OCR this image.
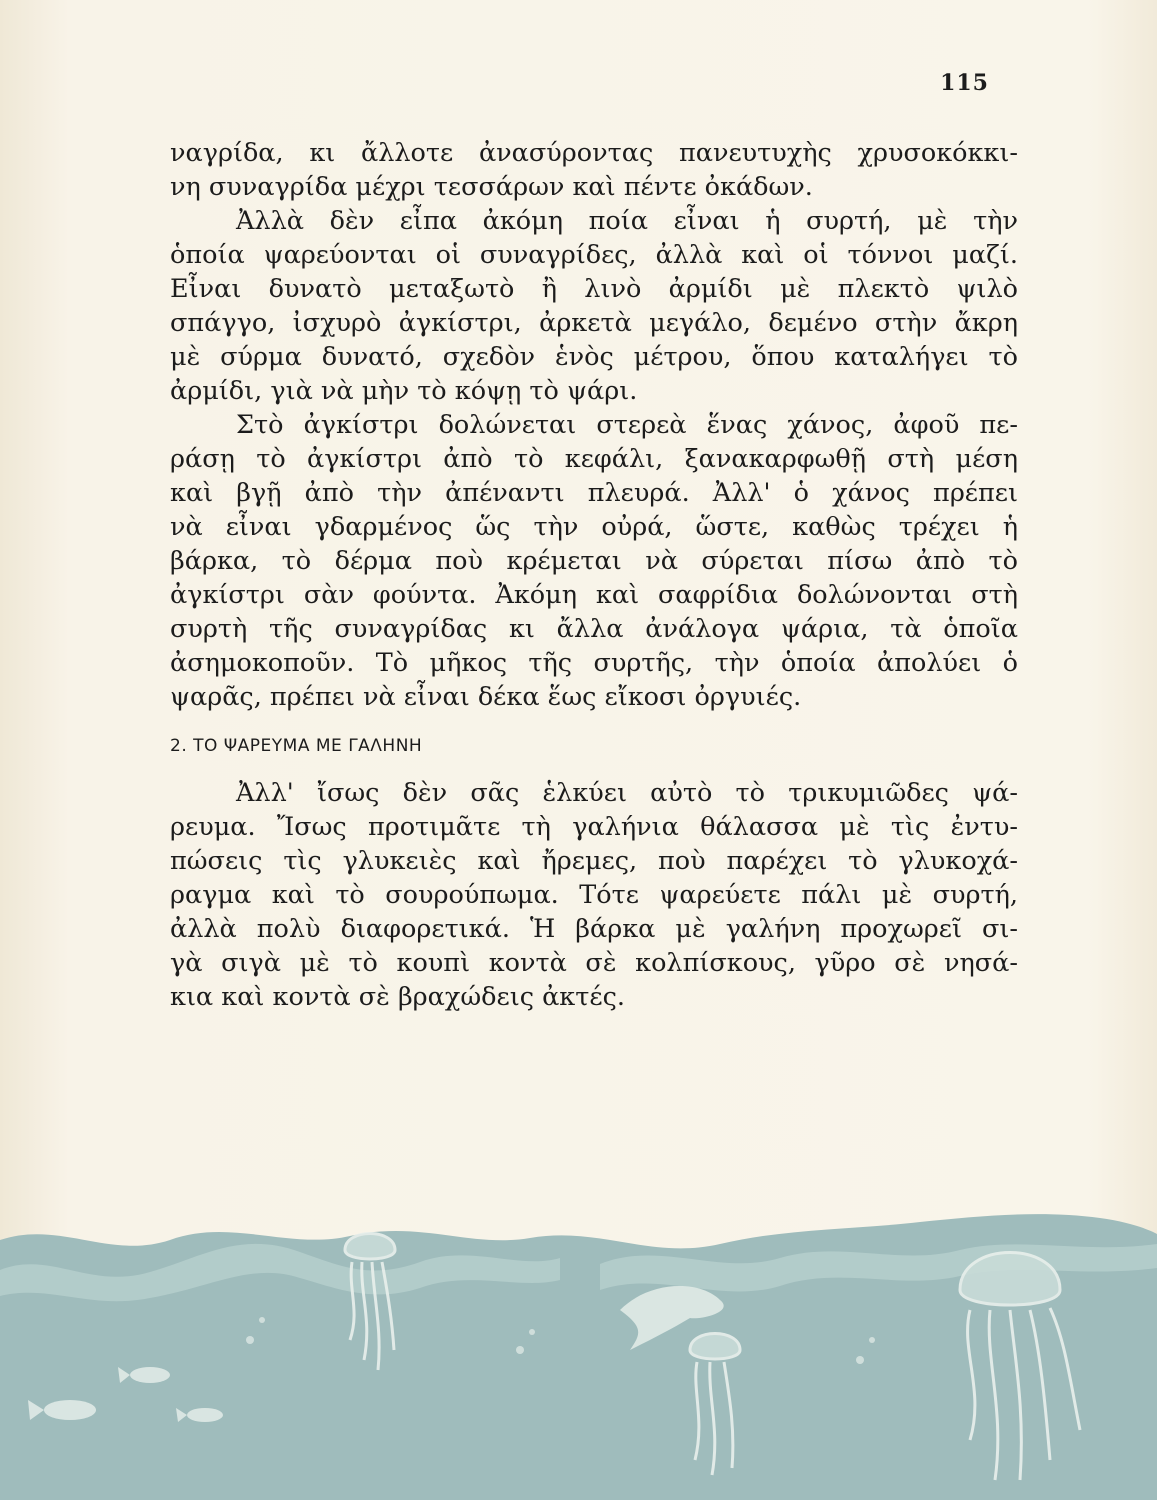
115
ναγρίδα, κι ἄλλοτε ἀνασύροντας πανευτυχὴς χρυσοκόκκι-
νη συναγρίδα μέχρι τεσσάρων καὶ πέντε ὀκάδων.
Ἀλλὰ δὲν εἶπα ἀκόμη ποία εἶναι ἡ συρτή, μὲ τὴν
ὁποία ψαρεύονται οἱ συναγρίδες, ἀλλὰ καὶ οἱ τόννοι μαζί.
Εἶναι δυνατὸ μεταξωτὸ ἢ λινὸ ἀρμίδι μὲ πλεκτὸ ψιλὸ
σπάγγο, ἰσχυρὸ ἀγκίστρι, ἀρκετὰ μεγάλο, δεμένο στὴν ἄκρη
μὲ σύρμα δυνατό, σχεδὸν ἑνὸς μέτρου, ὅπου καταλήγει τὸ
ἀρμίδι, γιὰ νὰ μὴν τὸ κόψῃ τὸ ψάρι.
Στὸ ἀγκίστρι δολώνεται στερεὰ ἕνας χάνος, ἀφοῦ πε-
ράσῃ τὸ ἀγκίστρι ἀπὸ τὸ κεφάλι, ξανακαρφωθῇ στὴ μέση
καὶ βγῇ ἀπὸ τὴν ἀπέναντι πλευρά. Ἀλλ' ὁ χάνος πρέπει
νὰ εἶναι γδαρμένος ὥς τὴν οὐρά, ὥστε, καθὼς τρέχει ἡ
βάρκα, τὸ δέρμα ποὺ κρέμεται νὰ σύρεται πίσω ἀπὸ τὸ
ἀγκίστρι σὰν φούντα. Ἀκόμη καὶ σαφρίδια δολώνονται στὴ
συρτὴ τῆς συναγρίδας κι ἄλλα ἀνάλογα ψάρια, τὰ ὁποῖα
ἀσημοκοποῦν. Τὸ μῆκος τῆς συρτῆς, τὴν ὁποία ἀπολύει ὁ
ψαρᾶς, πρέπει νὰ εἶναι δέκα ἕως εἴκοσι ὀργυιές.
2. ΤΟ ΨΑΡΕΥΜΑ ΜΕ ΓΑΛΗΝΗ
Ἀλλ' ἴσως δὲν σᾶς ἑλκύει αὐτὸ τὸ τρικυμιῶδες ψά-
ρευμα. Ἴσως προτιμᾶτε τὴ γαλήνια θάλασσα μὲ τὶς ἐντυ-
πώσεις τὶς γλυκειὲς καὶ ἤρεμες, ποὺ παρέχει τὸ γλυκοχά-
ραγμα καὶ τὸ σουρούπωμα. Τότε ψαρεύετε πάλι μὲ συρτή,
ἀλλὰ πολὺ διαφορετικά. Ἡ βάρκα μὲ γαλήνη προχωρεῖ σι-
γὰ σιγὰ μὲ τὸ κουπὶ κοντὰ σὲ κολπίσκους, γῦρο σὲ νησά-
κια καὶ κοντὰ σὲ βραχώδεις ἀκτές.
